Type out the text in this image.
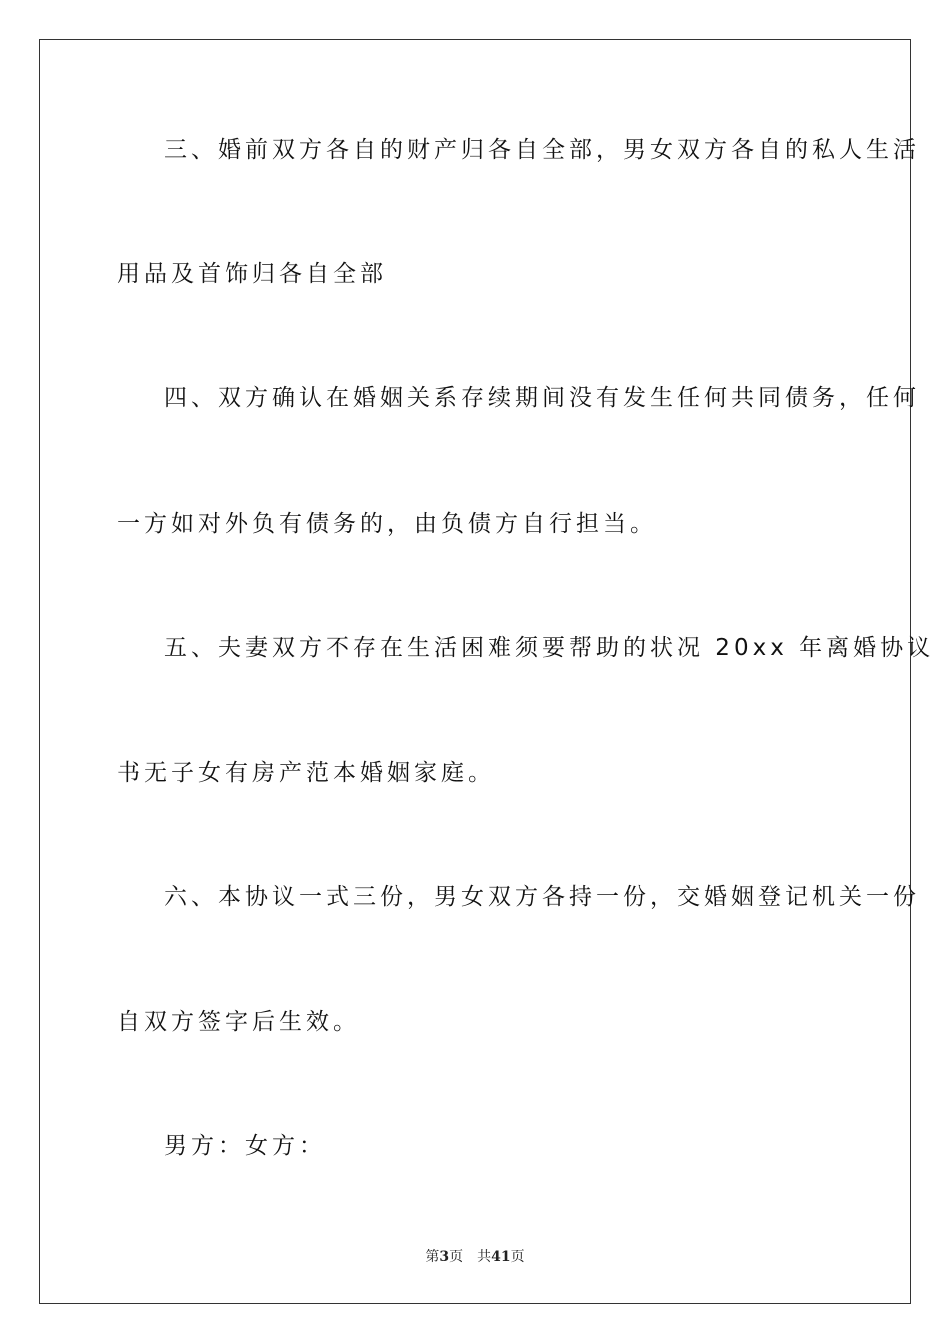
三、婚前双方各自的财产归各自全部，男女双方各自的私人生活

用品及首饰归各自全部

四、双方确认在婚姻关系存续期间没有发生任何共同债务，任何

一方如对外负有债务的，由负债方自行担当。

五、夫妻双方不存在生活困难须要帮助的状况 20xx 年离婚协议

书无子女有房产范本婚姻家庭。

六、本协议一式三份，男女双方各持一份，交婚姻登记机关一份

自双方签字后生效。

男方：女方：

第3页 共41页
